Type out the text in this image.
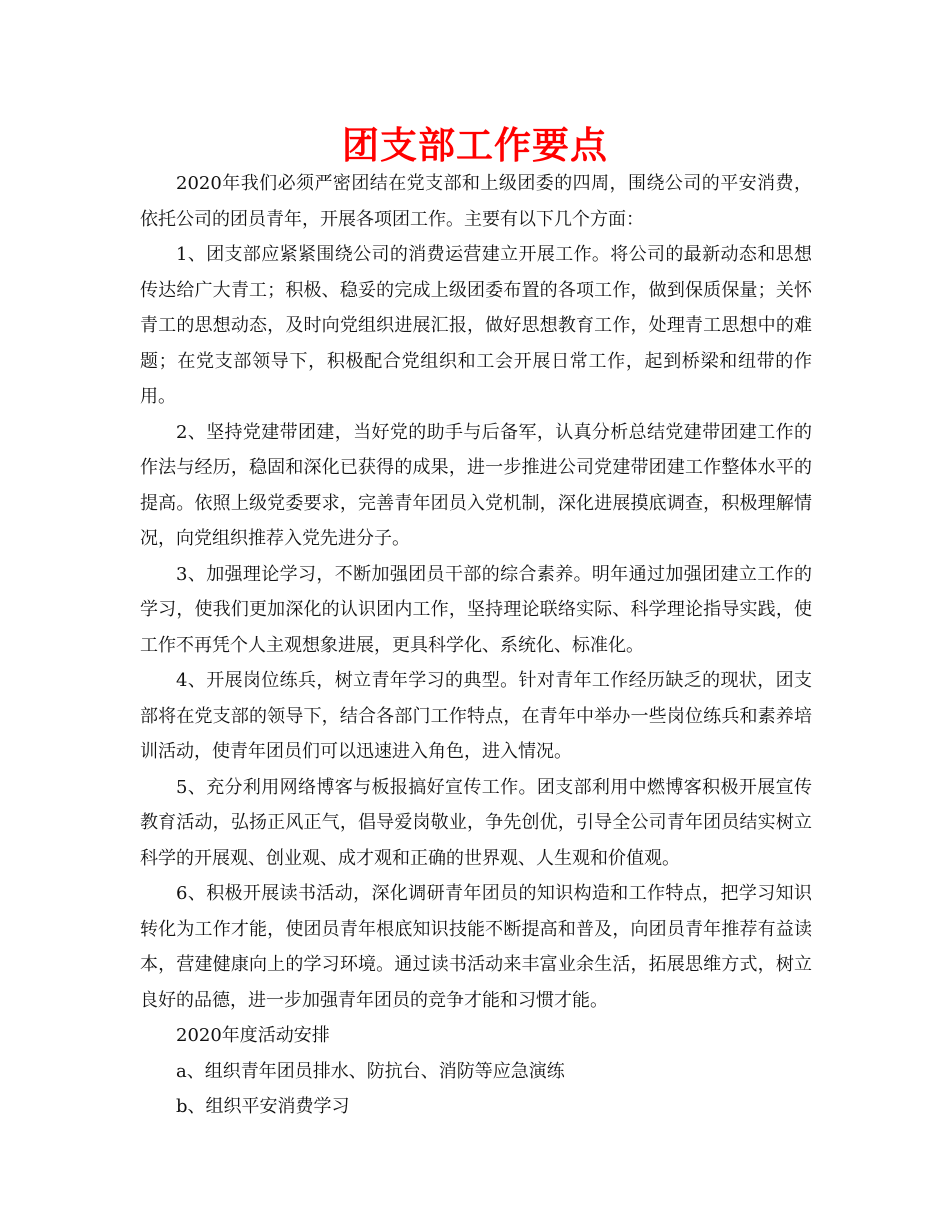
团支部工作要点

2020年我们必须严密团结在党支部和上级团委的四周，围绕公司的平安消费，依托公司的团员青年，开展各项团工作。主要有以下几个方面：

1、团支部应紧紧围绕公司的消费运营建立开展工作。将公司的最新动态和思想传达给广大青工；积极、稳妥的完成上级团委布置的各项工作，做到保质保量；关怀青工的思想动态，及时向党组织进展汇报，做好思想教育工作，处理青工思想中的难题；在党支部领导下，积极配合党组织和工会开展日常工作，起到桥梁和纽带的作用。

2、坚持党建带团建，当好党的助手与后备军，认真分析总结党建带团建工作的作法与经历，稳固和深化已获得的成果，进一步推进公司党建带团建工作整体水平的提高。依照上级党委要求，完善青年团员入党机制，深化进展摸底调查，积极理解情况，向党组织推荐入党先进分子。

3、加强理论学习，不断加强团员干部的综合素养。明年通过加强团建立工作的学习，使我们更加深化的认识团内工作，坚持理论联络实际、科学理论指导实践，使工作不再凭个人主观想象进展，更具科学化、系统化、标准化。

4、开展岗位练兵，树立青年学习的典型。针对青年工作经历缺乏的现状，团支部将在党支部的领导下，结合各部门工作特点，在青年中举办一些岗位练兵和素养培训活动，使青年团员们可以迅速进入角色，进入情况。

5、充分利用网络博客与板报搞好宣传工作。团支部利用中燃博客积极开展宣传教育活动，弘扬正风正气，倡导爱岗敬业，争先创优，引导全公司青年团员结实树立科学的开展观、创业观、成才观和正确的世界观、人生观和价值观。

6、积极开展读书活动，深化调研青年团员的知识构造和工作特点，把学习知识转化为工作才能，使团员青年根底知识技能不断提高和普及，向团员青年推荐有益读本，营建健康向上的学习环境。通过读书活动来丰富业余生活，拓展思维方式，树立良好的品德，进一步加强青年团员的竞争才能和习惯才能。

2020年度活动安排

a、组织青年团员排水、防抗台、消防等应急演练

b、组织平安消费学习
